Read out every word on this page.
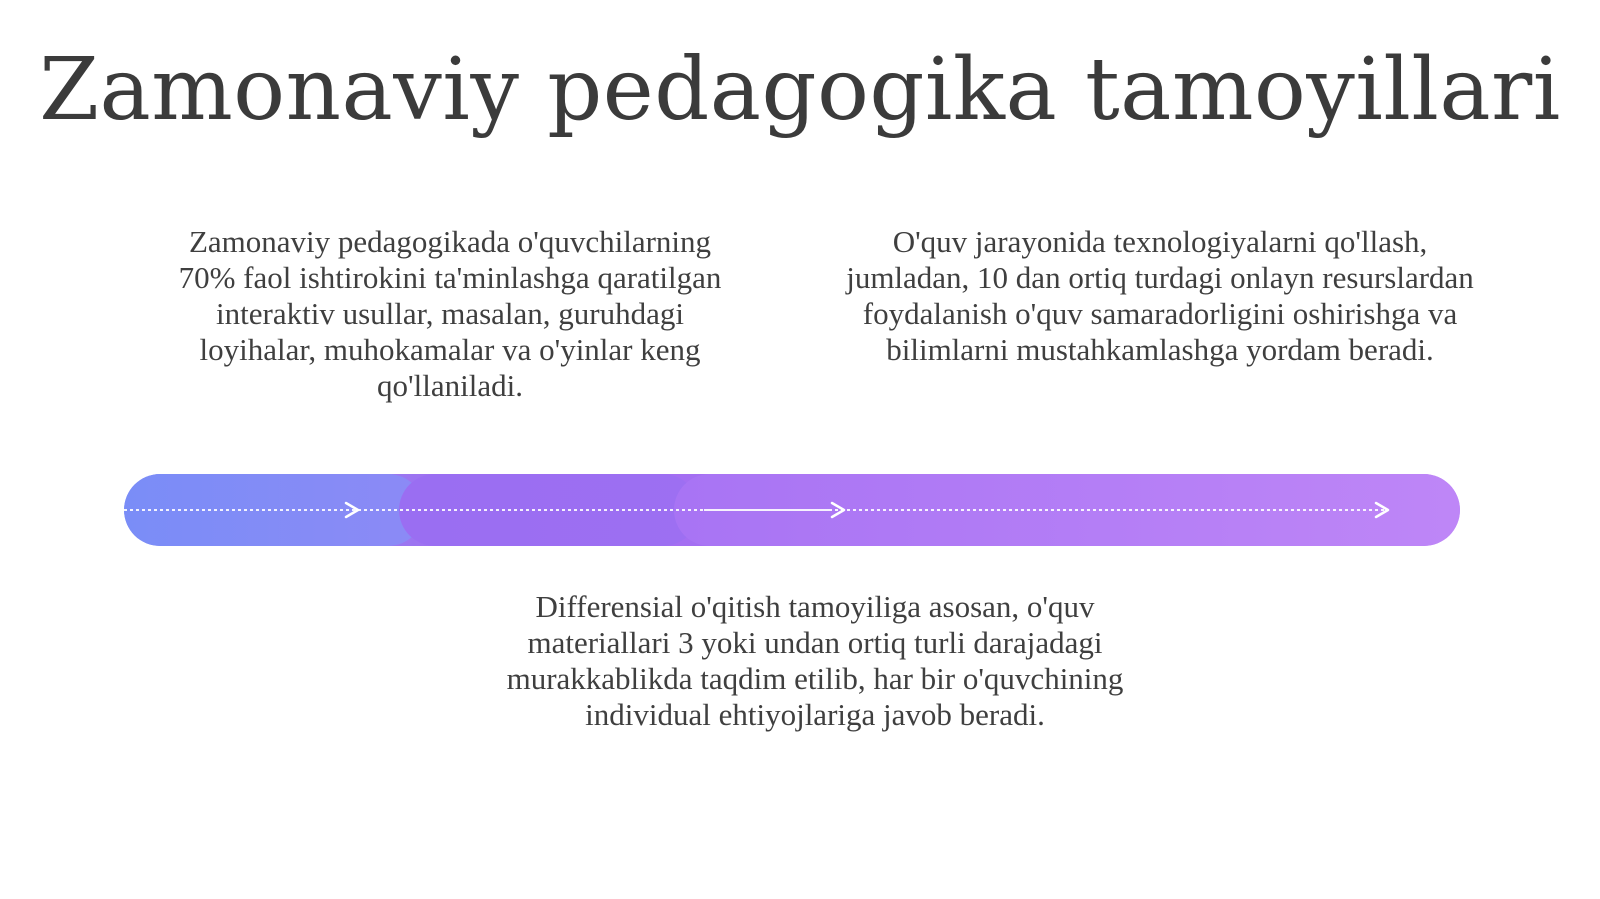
Zamonaviy pedagogika tamoyillari
Zamonaviy pedagogikada o'quvchilarning 70% faol ishtirokini ta'minlashga qaratilgan interaktiv usullar, masalan, guruhdagi loyihalar, muhokamalar va o'yinlar keng qo'llaniladi.
O'quv jarayonida texnologiyalarni qo'llash, jumladan, 10 dan ortiq turdagi onlayn resurslardan foydalanish o'quv samaradorligini oshirishga va bilimlarni mustahkamlashga yordam beradi.
Differensial o'qitish tamoyiliga asosan, o'quv materiallari 3 yoki undan ortiq turli darajadagi murakkablikda taqdim etilib, har bir o'quvchining individual ehtiyojlariga javob beradi.
